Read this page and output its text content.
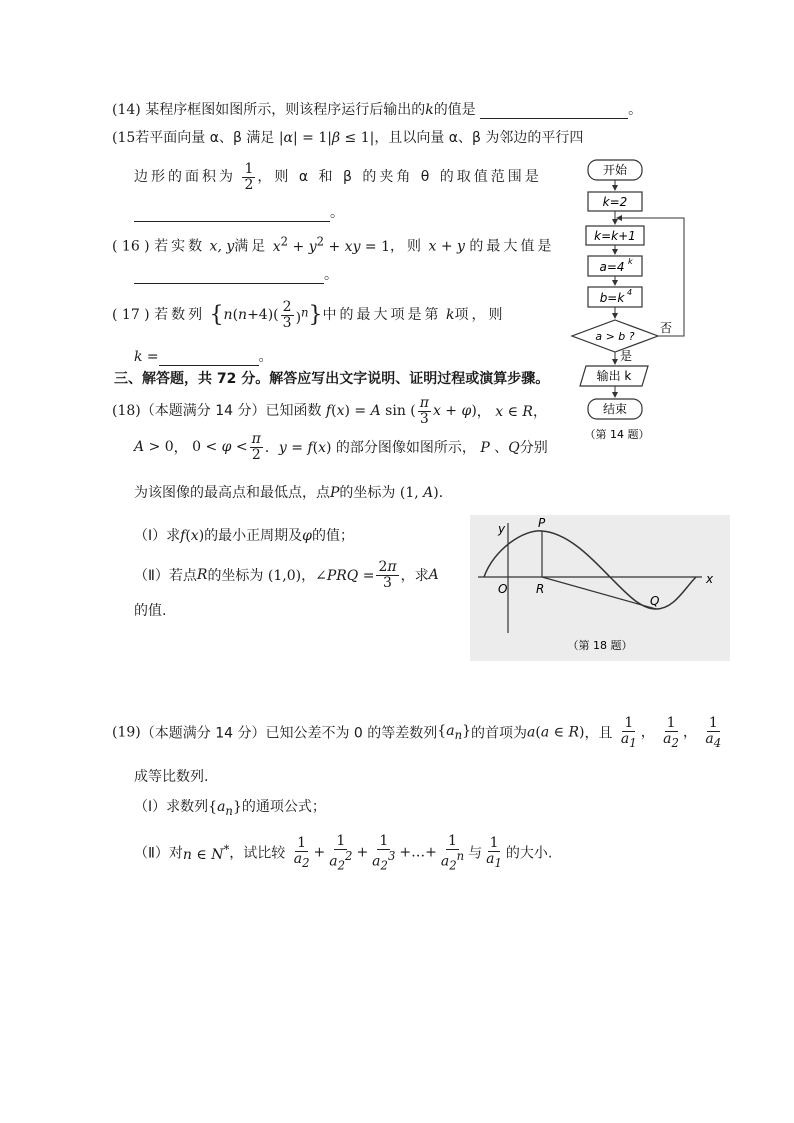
(14) 某程序框图如图所示，则该程序运行后输出的k的值是	。
(15若平面向量 α、β 满足 |α| = 1|β ≤ 1|，且以向量 α、β 为邻边的平行四
边形的面积为 $\frac{1}{2}$ ，则 α 和 β 的夹角 θ 的取值范围是
。
( 16 ) 若实数 x, y满足 $x^2 + y^2$ + xy = 1，则 x + y 的最大值是
。
( 17 ) 若数列 $\{n(n+4)( \frac{2}{3} )^n\}$中的最大项是第 k项，则
k =	。
三、解答题，共 72 分。解答应写出文字说明、证明过程或演算步骤。
(18)（本题满分 14 分）已知函数 f(x) = A sin ( $\frac{\pi}{3}$ x + φ)， x ∈ R，
A > 0， $0 < \varphi < \frac{\pi}{2}$ ．y = f(x) 的部分图像如图所示， P 、Q分别
为该图像的最高点和最低点，点P的坐标为 (1, A)．
（Ⅰ）求f(x)的最小正周期及φ的值；
（Ⅱ）若点R的坐标为 (1,0)，∠PRQ = $\frac{2\pi}{3}$ ，求A
的值.
(19)（本题满分 14 分）已知公差不为 0 的等差数列$\{a_n\}$的首项为a(a ∈ R)，且 $\frac{1}{a_1}$ ， $\frac{1}{a_2}$ ， $\frac{1}{a_4}$
成等比数列.
（Ⅰ）求数列$\{a_n\}$的通项公式；
（Ⅱ）对n ∈ N*，试比较 $\frac{1}{a_2} + \frac{1}{a_2^2} + \frac{1}{a_2^3}$ +…+ $\frac{1}{a_2^n}$ 与 $\frac{1}{a_1}$ 的大小.
开始
k=2
k=k+1
a=4 k
b=k 4
a > b ?
否
是
输出 k
结束
（第 14 题）
y
x
O
P
R
Q
（第 18 题）
